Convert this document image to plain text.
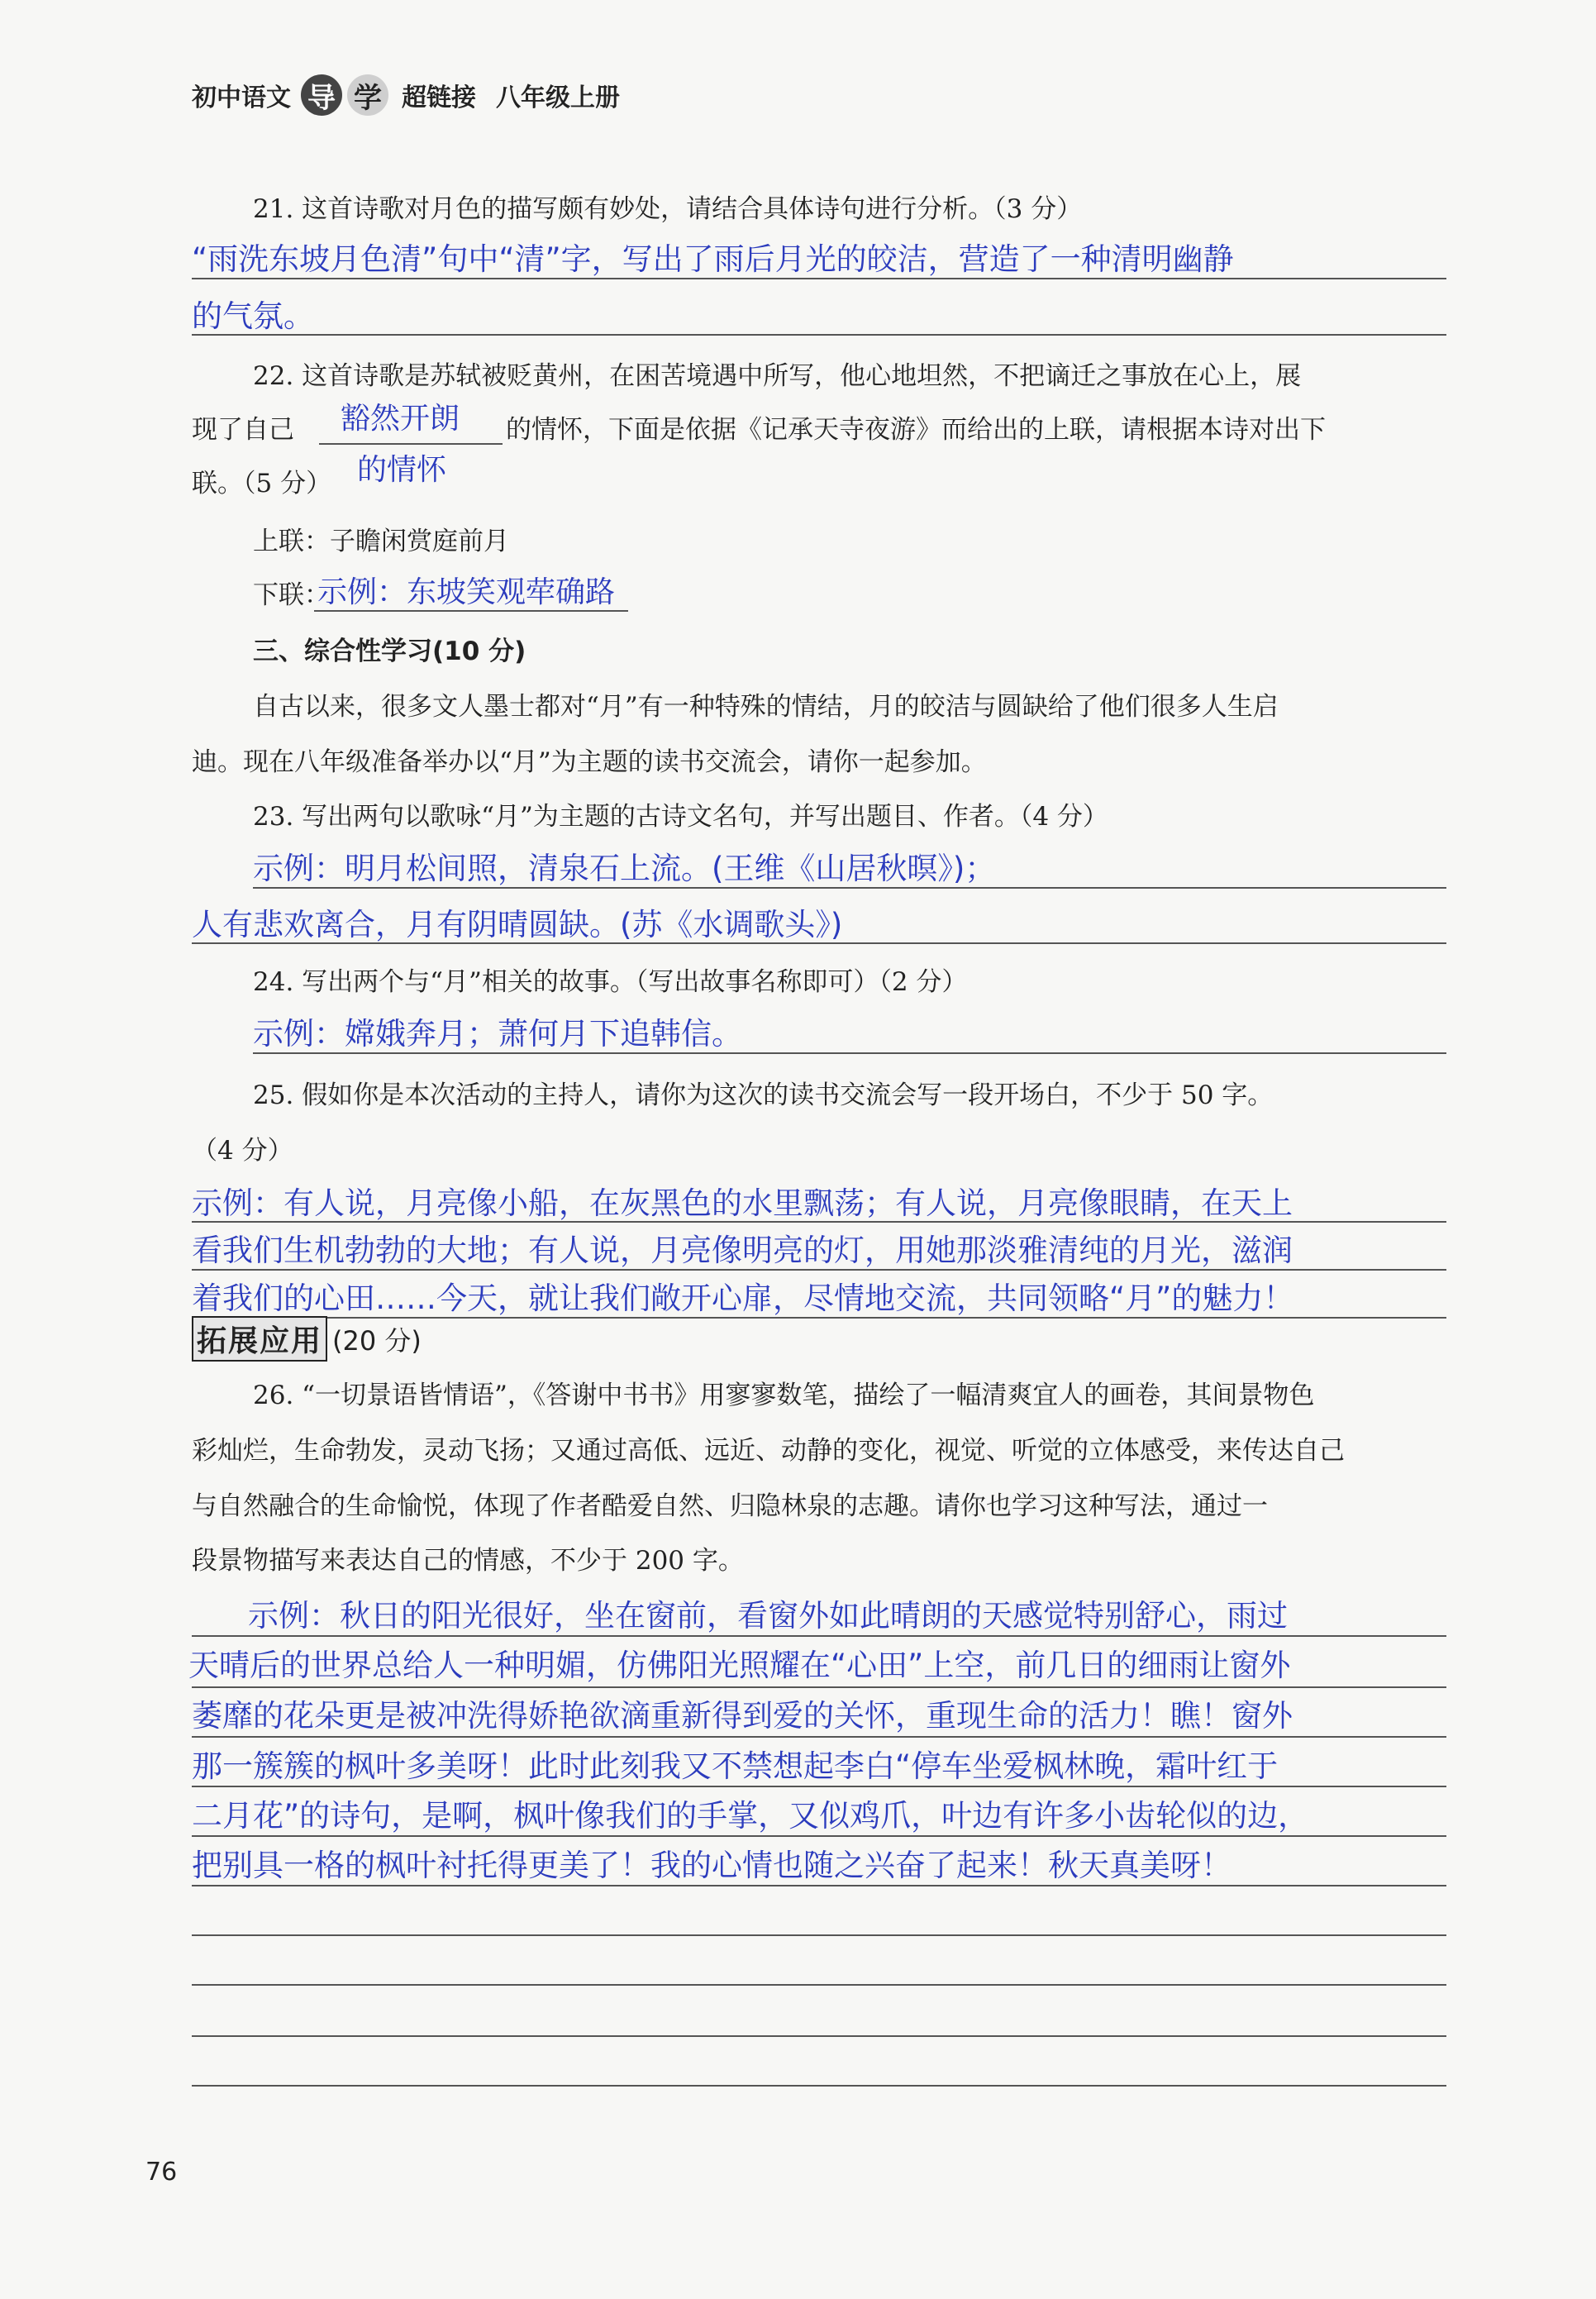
初中语文 导 学 超链接 八年级上册
21. 这首诗歌对月色的描写颇有妙处，请结合具体诗句进行分析。（3 分）
“雨洗东坡月色清”句中“清”字，写出了雨后月光的皎洁，营造了一种清明幽静
的气氛。
22. 这首诗歌是苏轼被贬黄州，在困苦境遇中所写，他心地坦然，不把谪迁之事放在心上，展
现了自己 豁然开朗
的情怀
的情怀，下面是依据《记承天寺夜游》而给出的上联，请根据本诗对出下
联。（5 分）
上联：子瞻闲赏庭前月
下联：
示例：东坡笑观荦确路
三、综合性学习(10 分)
自古以来，很多文人墨士都对“月”有一种特殊的情结，月的皎洁与圆缺给了他们很多人生启
迪。现在八年级准备举办以“月”为主题的读书交流会，请你一起参加。
23. 写出两句以歌咏“月”为主题的古诗文名句，并写出题目、作者。（4 分）
示例：明月松间照，清泉石上流。(王维《山居秋暝》)；
人有悲欢离合，月有阴晴圆缺。(苏《水调歌头》)
24. 写出两个与“月”相关的故事。（写出故事名称即可）（2 分）
示例：嫦娥奔月；萧何月下追韩信。
25. 假如你是本次活动的主持人，请你为这次的读书交流会写一段开场白，不少于 50 字。
（4 分）
示例：有人说，月亮像小船，在灰黑色的水里飘荡；有人说，月亮像眼睛，在天上
看我们生机勃勃的大地；有人说，月亮像明亮的灯，用她那淡雅清纯的月光，滋润
着我们的心田……今天，就让我们敞开心扉，尽情地交流，共同领略“月”的魅力！
拓展应用 (20 分)
26. “一切景语皆情语”，《答谢中书书》用寥寥数笔，描绘了一幅清爽宜人的画卷，其间景物色
彩灿烂，生命勃发，灵动飞扬；又通过高低、远近、动静的变化，视觉、听觉的立体感受，来传达自己
与自然融合的生命愉悦，体现了作者酷爱自然、归隐林泉的志趣。请你也学习这种写法，通过一
段景物描写来表达自己的情感，不少于 200 字。
示例：秋日的阳光很好，坐在窗前，看窗外如此晴朗的天感觉特别舒心，雨过
天晴后的世界总给人一种明媚，仿佛阳光照耀在“心田”上空，前几日的细雨让窗外
萎靡的花朵更是被冲洗得娇艳欲滴重新得到爱的关怀，重现生命的活力！瞧！窗外
那一簇簇的枫叶多美呀！此时此刻我又不禁想起李白“停车坐爱枫林晚，霜叶红于
二月花”的诗句，是啊，枫叶像我们的手掌，又似鸡爪，叶边有许多小齿轮似的边，
把别具一格的枫叶衬托得更美了！我的心情也随之兴奋了起来！秋天真美呀！
76
